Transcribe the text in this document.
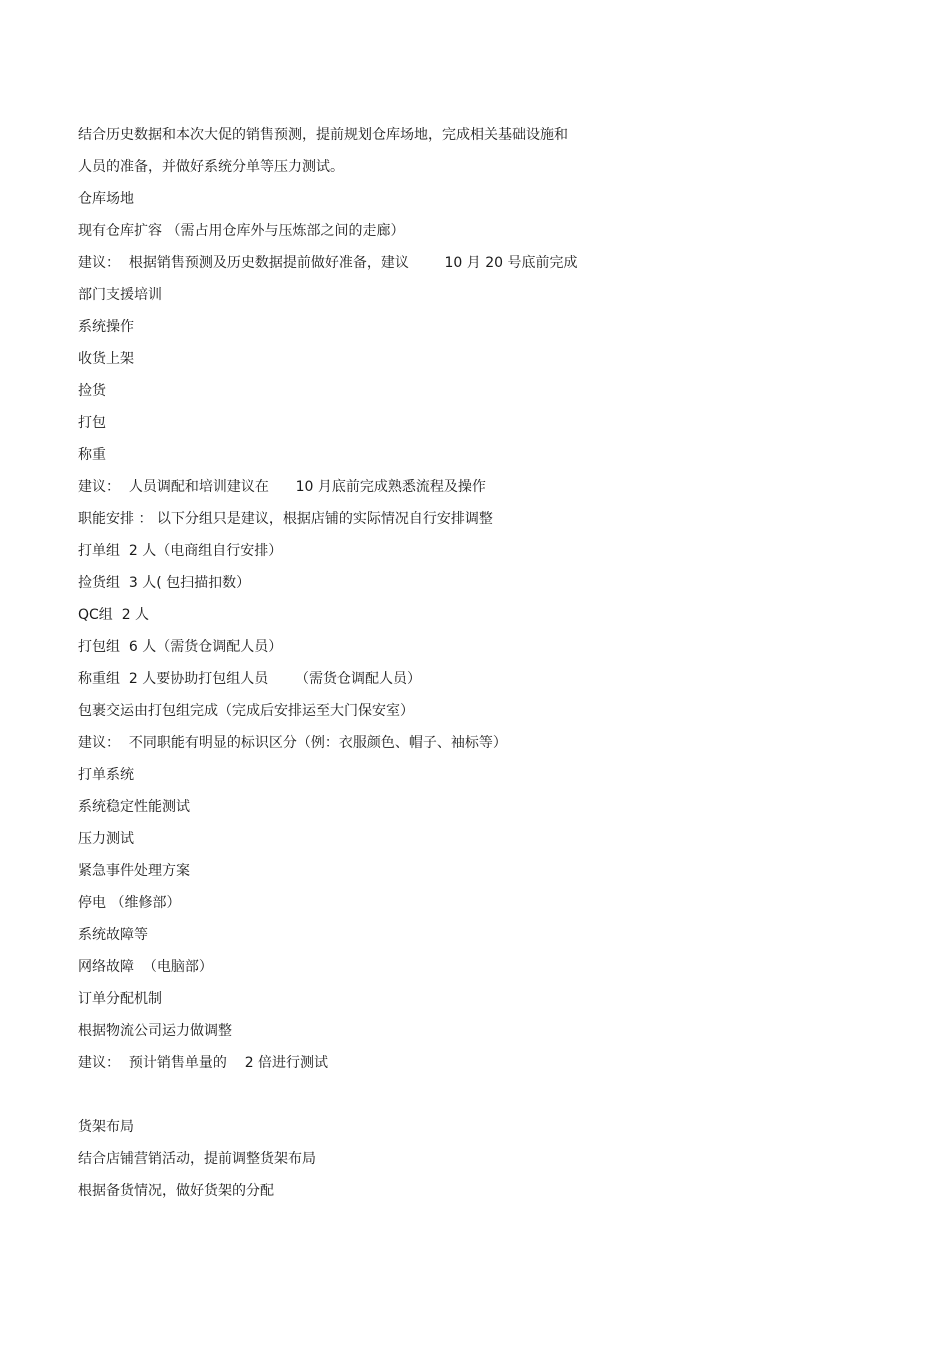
结合历史数据和本次大促的销售预测，提前规划仓库场地，完成相关基础设施和
人员的准备，并做好系统分单等压力测试。
仓库场地
现有仓库扩容 （需占用仓库外与压炼部之间的走廊）
建议：  根据销售预测及历史数据提前做好准备，建议        10 月 20 号底前完成
部门支援培训
系统操作
收货上架
捡货
打包
称重
建议：  人员调配和培训建议在      10 月底前完成熟悉流程及操作
职能安排 ： 以下分组只是建议，根据店铺的实际情况自行安排调整
打单组  2 人（电商组自行安排）
捡货组  3 人( 包扫描扣数）
QC组  2 人
打包组  6 人（需货仓调配人员）
称重组  2 人要协助打包组人员      （需货仓调配人员）
包裹交运由打包组完成（完成后安排运至大门保安室）
建议：  不同职能有明显的标识区分（例：衣服颜色、帽子、袖标等）
打单系统
系统稳定性能测试
压力测试
紧急事件处理方案
停电 （维修部）
系统故障等
网络故障  （电脑部）
订单分配机制
根据物流公司运力做调整
建议：  预计销售单量的    2 倍进行测试
货架布局
结合店铺营销活动，提前调整货架布局
根据备货情况，做好货架的分配
